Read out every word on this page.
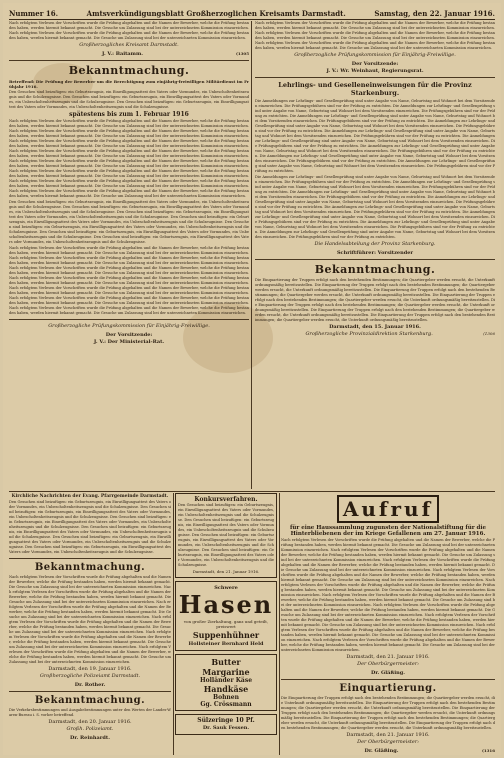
Nummer 16.	Amtsverkündigungsblatt Großherzoglichen Kreisamts Darmstadt.	Samstag, den 22. Januar 1916.

Nach erfolgtem Verlesen der Vorschriften wurde die Prüfung abgehalten und die Namen der Bewerber, welche die Prüfung bestanden haben, werden hiermit bekannt gemacht. Die Gesuche um Zulassung sind bei der unterzeichneten Kommission einzureichen. Nach erfolgtem Verlesen der Vorschriften wurde die Prüfung abgehalten und die Namen der Bewerber, welche die Prüfung bestanden haben, werden hiermit bekannt gemacht. Die Gesuche um Zulassung sind bei der unterzeichneten Kommission einzureichen.

Großherzogliches Kreisamt Darmstadt.
J. V.: Baitamm.	(1305
Bekanntmachung.

Betreffend: Die Prüfung der Bewerber um die Berechtigung zum einjährig-freiwilligen Militärdienst im Frühjahr 1916.

Den Gesuchen sind beizufügen: ein Geburtszeugnis, ein Einwilligungsattest des Vaters oder Vormundes, ein Unbescholtenheitszeugnis und die Schulzeugnisse. Den Gesuchen sind beizufügen: ein Geburtszeugnis, ein Einwilligungsattest des Vaters oder Vormundes, ein Unbescholtenheitszeugnis und die Schulzeugnisse. Den Gesuchen sind beizufügen: ein Geburtszeugnis, ein Einwilligungsattest des Vaters oder Vormundes, ein Unbescholtenheitszeugnis und die Schulzeugnisse.

spätestens bis zum 1. Februar 1916

Nach erfolgtem Verlesen der Vorschriften wurde die Prüfung abgehalten und die Namen der Bewerber, welche die Prüfung bestanden haben, werden hiermit bekannt gemacht. Die Gesuche um Zulassung sind bei der unterzeichneten Kommission einzureichen. Nach erfolgtem Verlesen der Vorschriften wurde die Prüfung abgehalten und die Namen der Bewerber, welche die Prüfung bestanden haben, werden hiermit bekannt gemacht. Die Gesuche um Zulassung sind bei der unterzeichneten Kommission einzureichen. Nach erfolgtem Verlesen der Vorschriften wurde die Prüfung abgehalten und die Namen der Bewerber, welche die Prüfung bestanden haben, werden hiermit bekannt gemacht. Die Gesuche um Zulassung sind bei der unterzeichneten Kommission einzureichen. Nach erfolgtem Verlesen der Vorschriften wurde die Prüfung abgehalten und die Namen der Bewerber, welche die Prüfung bestanden haben, werden hiermit bekannt gemacht. Die Gesuche um Zulassung sind bei der unterzeichneten Kommission einzureichen. Nach erfolgtem Verlesen der Vorschriften wurde die Prüfung abgehalten und die Namen der Bewerber, welche die Prüfung bestanden haben, werden hiermit bekannt gemacht. Die Gesuche um Zulassung sind bei der unterzeichneten Kommission einzureichen. Nach erfolgtem Verlesen der Vorschriften wurde die Prüfung abgehalten und die Namen der Bewerber, welche die Prüfung bestanden haben, werden hiermit bekannt gemacht. Die Gesuche um Zulassung sind bei der unterzeichneten Kommission einzureichen. Nach erfolgtem Verlesen der Vorschriften wurde die Prüfung abgehalten und die Namen der Bewerber, welche die Prüfung bestanden haben, werden hiermit bekannt gemacht. Die Gesuche um Zulassung sind bei der unterzeichneten Kommission einzureichen. Nach erfolgtem Verlesen der Vorschriften wurde die Prüfung abgehalten und die Namen der Bewerber, welche die Prüfung bestanden haben, werden hiermit bekannt gemacht. Die Gesuche um Zulassung sind bei der unterzeichneten Kommission einzureichen.

Den Gesuchen sind beizufügen: ein Geburtszeugnis, ein Einwilligungsattest des Vaters oder Vormundes, ein Unbescholtenheitszeugnis und die Schulzeugnisse. Den Gesuchen sind beizufügen: ein Geburtszeugnis, ein Einwilligungsattest des Vaters oder Vormundes, ein Unbescholtenheitszeugnis und die Schulzeugnisse. Den Gesuchen sind beizufügen: ein Geburtszeugnis, ein Einwilligungsattest des Vaters oder Vormundes, ein Unbescholtenheitszeugnis und die Schulzeugnisse. Den Gesuchen sind beizufügen: ein Geburtszeugnis, ein Einwilligungsattest des Vaters oder Vormundes, ein Unbescholtenheitszeugnis und die Schulzeugnisse. Den Gesuchen sind beizufügen: ein Geburtszeugnis, ein Einwilligungsattest des Vaters oder Vormundes, ein Unbescholtenheitszeugnis und die Schulzeugnisse. Den Gesuchen sind beizufügen: ein Geburtszeugnis, ein Einwilligungsattest des Vaters oder Vormundes, ein Unbescholtenheitszeugnis und die Schulzeugnisse. Den Gesuchen sind beizufügen: ein Geburtszeugnis, ein Einwilligungsattest des Vaters oder Vormundes, ein Unbescholtenheitszeugnis und die Schulzeugnisse.

Nach erfolgtem Verlesen der Vorschriften wurde die Prüfung abgehalten und die Namen der Bewerber, welche die Prüfung bestanden haben, werden hiermit bekannt gemacht. Die Gesuche um Zulassung sind bei der unterzeichneten Kommission einzureichen. Nach erfolgtem Verlesen der Vorschriften wurde die Prüfung abgehalten und die Namen der Bewerber, welche die Prüfung bestanden haben, werden hiermit bekannt gemacht. Die Gesuche um Zulassung sind bei der unterzeichneten Kommission einzureichen. Nach erfolgtem Verlesen der Vorschriften wurde die Prüfung abgehalten und die Namen der Bewerber, welche die Prüfung bestanden haben, werden hiermit bekannt gemacht. Die Gesuche um Zulassung sind bei der unterzeichneten Kommission einzureichen. Nach erfolgtem Verlesen der Vorschriften wurde die Prüfung abgehalten und die Namen der Bewerber, welche die Prüfung bestanden haben, werden hiermit bekannt gemacht. Die Gesuche um Zulassung sind bei der unterzeichneten Kommission einzureichen. Nach erfolgtem Verlesen der Vorschriften wurde die Prüfung abgehalten und die Namen der Bewerber, welche die Prüfung bestanden haben, werden hiermit bekannt gemacht. Die Gesuche um Zulassung sind bei der unterzeichneten Kommission einzureichen. Nach erfolgtem Verlesen der Vorschriften wurde die Prüfung abgehalten und die Namen der Bewerber, welche die Prüfung bestanden haben, werden hiermit bekannt gemacht. Die Gesuche um Zulassung sind bei der unterzeichneten Kommission einzureichen. Nach erfolgtem Verlesen der Vorschriften wurde die Prüfung abgehalten und die Namen der Bewerber, welche die Prüfung bestanden haben, werden hiermit bekannt gemacht. Die Gesuche um Zulassung sind bei der unterzeichneten Kommission einzureichen.

Großherzogliche Prüfungskommission für Einjährig-Freiwillige.
Der Vorsitzende:
J. V.: Der Ministerial-Rat.

Nach erfolgtem Verlesen der Vorschriften wurde die Prüfung abgehalten und die Namen der Bewerber, welche die Prüfung bestanden haben, werden hiermit bekannt gemacht. Die Gesuche um Zulassung sind bei der unterzeichneten Kommission einzureichen. Nach erfolgtem Verlesen der Vorschriften wurde die Prüfung abgehalten und die Namen der Bewerber, welche die Prüfung bestanden haben, werden hiermit bekannt gemacht. Die Gesuche um Zulassung sind bei der unterzeichneten Kommission einzureichen. Nach erfolgtem Verlesen der Vorschriften wurde die Prüfung abgehalten und die Namen der Bewerber, welche die Prüfung bestanden haben, werden hiermit bekannt gemacht. Die Gesuche um Zulassung sind bei der unterzeichneten Kommission einzureichen.

Großherzogliche Prüfungskommission für Einjährig-Freiwillige.
Der Vorsitzende:
J. V.: Wr. Weinhaut, Regierungsrat.
Lehrlings- und Geselleneinweisungen für die Provinz Starkenburg.

Die Anmeldungen zur Lehrlings- und Gesellenprüfung sind unter Angabe von Name, Geburtstag und Wohnort bei dem Vorsitzenden einzureichen. Die Prüfungsgebühren sind vor der Prüfung zu entrichten. Die Anmeldungen zur Lehrlings- und Gesellenprüfung sind unter Angabe von Name, Geburtstag und Wohnort bei dem Vorsitzenden einzureichen. Die Prüfungsgebühren sind vor der Prüfung zu entrichten. Die Anmeldungen zur Lehrlings- und Gesellenprüfung sind unter Angabe von Name, Geburtstag und Wohnort bei dem Vorsitzenden einzureichen. Die Prüfungsgebühren sind vor der Prüfung zu entrichten. Die Anmeldungen zur Lehrlings- und Gesellenprüfung sind unter Angabe von Name, Geburtstag und Wohnort bei dem Vorsitzenden einzureichen. Die Prüfungsgebühren sind vor der Prüfung zu entrichten. Die Anmeldungen zur Lehrlings- und Gesellenprüfung sind unter Angabe von Name, Geburtstag und Wohnort bei dem Vorsitzenden einzureichen. Die Prüfungsgebühren sind vor der Prüfung zu entrichten. Die Anmeldungen zur Lehrlings- und Gesellenprüfung sind unter Angabe von Name, Geburtstag und Wohnort bei dem Vorsitzenden einzureichen. Die Prüfungsgebühren sind vor der Prüfung zu entrichten. Die Anmeldungen zur Lehrlings- und Gesellenprüfung sind unter Angabe von Name, Geburtstag und Wohnort bei dem Vorsitzenden einzureichen. Die Prüfungsgebühren sind vor der Prüfung zu entrichten. Die Anmeldungen zur Lehrlings- und Gesellenprüfung sind unter Angabe von Name, Geburtstag und Wohnort bei dem Vorsitzenden einzureichen. Die Prüfungsgebühren sind vor der Prüfung zu entrichten. Die Anmeldungen zur Lehrlings- und Gesellenprüfung sind unter Angabe von Name, Geburtstag und Wohnort bei dem Vorsitzenden einzureichen. Die Prüfungsgebühren sind vor der Prüfung zu entrichten.

Die Anmeldungen zur Lehrlings- und Gesellenprüfung sind unter Angabe von Name, Geburtstag und Wohnort bei dem Vorsitzenden einzureichen. Die Prüfungsgebühren sind vor der Prüfung zu entrichten. Die Anmeldungen zur Lehrlings- und Gesellenprüfung sind unter Angabe von Name, Geburtstag und Wohnort bei dem Vorsitzenden einzureichen. Die Prüfungsgebühren sind vor der Prüfung zu entrichten. Die Anmeldungen zur Lehrlings- und Gesellenprüfung sind unter Angabe von Name, Geburtstag und Wohnort bei dem Vorsitzenden einzureichen. Die Prüfungsgebühren sind vor der Prüfung zu entrichten. Die Anmeldungen zur Lehrlings- und Gesellenprüfung sind unter Angabe von Name, Geburtstag und Wohnort bei dem Vorsitzenden einzureichen. Die Prüfungsgebühren sind vor der Prüfung zu entrichten. Die Anmeldungen zur Lehrlings- und Gesellenprüfung sind unter Angabe von Name, Geburtstag und Wohnort bei dem Vorsitzenden einzureichen. Die Prüfungsgebühren sind vor der Prüfung zu entrichten. Die Anmeldungen zur Lehrlings- und Gesellenprüfung sind unter Angabe von Name, Geburtstag und Wohnort bei dem Vorsitzenden einzureichen. Die Prüfungsgebühren sind vor der Prüfung zu entrichten. Die Anmeldungen zur Lehrlings- und Gesellenprüfung sind unter Angabe von Name, Geburtstag und Wohnort bei dem Vorsitzenden einzureichen. Die Prüfungsgebühren sind vor der Prüfung zu entrichten. Die Anmeldungen zur Lehrlings- und Gesellenprüfung sind unter Angabe von Name, Geburtstag und Wohnort bei dem Vorsitzenden einzureichen. Die Prüfungsgebühren sind vor der Prüfung zu entrichten.

Die Handelsabteilung der Provinz Starkenburg.
Schriftführer: Vorsitzender
Bekanntmachung.

Die Einquartierung der Truppen erfolgt nach den bestehenden Bestimmungen; die Quartiergeber werden ersucht, die Unterkunft ordnungsmäßig bereitzustellen. Die Einquartierung der Truppen erfolgt nach den bestehenden Bestimmungen; die Quartiergeber werden ersucht, die Unterkunft ordnungsmäßig bereitzustellen. Die Einquartierung der Truppen erfolgt nach den bestehenden Bestimmungen; die Quartiergeber werden ersucht, die Unterkunft ordnungsmäßig bereitzustellen. Die Einquartierung der Truppen erfolgt nach den bestehenden Bestimmungen; die Quartiergeber werden ersucht, die Unterkunft ordnungsmäßig bereitzustellen. Die Einquartierung der Truppen erfolgt nach den bestehenden Bestimmungen; die Quartiergeber werden ersucht, die Unterkunft ordnungsmäßig bereitzustellen. Die Einquartierung der Truppen erfolgt nach den bestehenden Bestimmungen; die Quartiergeber werden ersucht, die Unterkunft ordnungsmäßig bereitzustellen. Die Einquartierung der Truppen erfolgt nach den bestehenden Bestimmungen; die Quartiergeber werden ersucht, die Unterkunft ordnungsmäßig bereitzustellen.

Darmstadt, den 15. Januar 1916.
Großherzogliche Provinzialdirektion Starkenburg.	(1306
Kirchliche Nachrichten der Evang. Pfarrgemeinde Darmstadt.

Den Gesuchen sind beizufügen: ein Geburtszeugnis, ein Einwilligungsattest des Vaters oder Vormundes, ein Unbescholtenheitszeugnis und die Schulzeugnisse. Den Gesuchen sind beizufügen: ein Geburtszeugnis, ein Einwilligungsattest des Vaters oder Vormundes, ein Unbescholtenheitszeugnis und die Schulzeugnisse. Den Gesuchen sind beizufügen: ein Geburtszeugnis, ein Einwilligungsattest des Vaters oder Vormundes, ein Unbescholtenheitszeugnis und die Schulzeugnisse. Den Gesuchen sind beizufügen: ein Geburtszeugnis, ein Einwilligungsattest des Vaters oder Vormundes, ein Unbescholtenheitszeugnis und die Schulzeugnisse. Den Gesuchen sind beizufügen: ein Geburtszeugnis, ein Einwilligungsattest des Vaters oder Vormundes, ein Unbescholtenheitszeugnis und die Schulzeugnisse. Den Gesuchen sind beizufügen: ein Geburtszeugnis, ein Einwilligungsattest des Vaters oder Vormundes, ein Unbescholtenheitszeugnis und die Schulzeugnisse.

Bekanntmachung.

Nach erfolgtem Verlesen der Vorschriften wurde die Prüfung abgehalten und die Namen der Bewerber, welche die Prüfung bestanden haben, werden hiermit bekannt gemacht. Die Gesuche um Zulassung sind bei der unterzeichneten Kommission einzureichen. Nach erfolgtem Verlesen der Vorschriften wurde die Prüfung abgehalten und die Namen der Bewerber, welche die Prüfung bestanden haben, werden hiermit bekannt gemacht. Die Gesuche um Zulassung sind bei der unterzeichneten Kommission einzureichen. Nach erfolgtem Verlesen der Vorschriften wurde die Prüfung abgehalten und die Namen der Bewerber, welche die Prüfung bestanden haben, werden hiermit bekannt gemacht. Die Gesuche um Zulassung sind bei der unterzeichneten Kommission einzureichen. Nach erfolgtem Verlesen der Vorschriften wurde die Prüfung abgehalten und die Namen der Bewerber, welche die Prüfung bestanden haben, werden hiermit bekannt gemacht. Die Gesuche um Zulassung sind bei der unterzeichneten Kommission einzureichen. Nach erfolgtem Verlesen der Vorschriften wurde die Prüfung abgehalten und die Namen der Bewerber, welche die Prüfung bestanden haben, werden hiermit bekannt gemacht. Die Gesuche um Zulassung sind bei der unterzeichneten Kommission einzureichen. Nach erfolgtem Verlesen der Vorschriften wurde die Prüfung abgehalten und die Namen der Bewerber, welche die Prüfung bestanden haben, werden hiermit bekannt gemacht. Die Gesuche um Zulassung sind bei der unterzeichneten Kommission einzureichen.

Darmstadt, den 19. Januar 1916.
Großherzogliche Polizeiamt Darmstadt.
Dr. Rother.
Bekanntmachung.

Die Verkehrsbestimmungen und Ausgabebestimmungen unter den Werten der Landes-Waren-Bureau i. S. vorher betreffend.

Darmstadt, den 20. Januar 1916.
Großh. Polizeiamt.
Dr. Reinhardt.
Konkursverfahren.

Den Gesuchen sind beizufügen: ein Geburtszeugnis, ein Einwilligungsattest des Vaters oder Vormundes, ein Unbescholtenheitszeugnis und die Schulzeugnisse. Den Gesuchen sind beizufügen: ein Geburtszeugnis, ein Einwilligungsattest des Vaters oder Vormundes, ein Unbescholtenheitszeugnis und die Schulzeugnisse. Den Gesuchen sind beizufügen: ein Geburtszeugnis, ein Einwilligungsattest des Vaters oder Vormundes, ein Unbescholtenheitszeugnis und die Schulzeugnisse. Den Gesuchen sind beizufügen: ein Geburtszeugnis, ein Einwilligungsattest des Vaters oder Vormundes, ein Unbescholtenheitszeugnis und die Schulzeugnisse.

Darmstadt, den 21. Januar 1916.
Schwere
Hasen
von großer Zierhaltung, ganz und geteilt, preiswert
Suppenhühner
Hollsteiner Bernhard Held
Butter
Margarine
Holländer Käse
Handkäse
Bohnen
Gg. Crössmann
Sülzeringe 10 Pf.
Dr. Sauk Fessen.
Aufruf
für eine Haussammlung zugunsten der Nationalstiftung für die Hinterbliebenen der im Kriege Gefallenen am 27. Januar 1916.

Nach erfolgtem Verlesen der Vorschriften wurde die Prüfung abgehalten und die Namen der Bewerber, welche die Prüfung bestanden haben, werden hiermit bekannt gemacht. Die Gesuche um Zulassung sind bei der unterzeichneten Kommission einzureichen. Nach erfolgtem Verlesen der Vorschriften wurde die Prüfung abgehalten und die Namen der Bewerber, welche die Prüfung bestanden haben, werden hiermit bekannt gemacht. Die Gesuche um Zulassung sind bei der unterzeichneten Kommission einzureichen. Nach erfolgtem Verlesen der Vorschriften wurde die Prüfung abgehalten und die Namen der Bewerber, welche die Prüfung bestanden haben, werden hiermit bekannt gemacht. Die Gesuche um Zulassung sind bei der unterzeichneten Kommission einzureichen. Nach erfolgtem Verlesen der Vorschriften wurde die Prüfung abgehalten und die Namen der Bewerber, welche die Prüfung bestanden haben, werden hiermit bekannt gemacht. Die Gesuche um Zulassung sind bei der unterzeichneten Kommission einzureichen. Nach erfolgtem Verlesen der Vorschriften wurde die Prüfung abgehalten und die Namen der Bewerber, welche die Prüfung bestanden haben, werden hiermit bekannt gemacht. Die Gesuche um Zulassung sind bei der unterzeichneten Kommission einzureichen. Nach erfolgtem Verlesen der Vorschriften wurde die Prüfung abgehalten und die Namen der Bewerber, welche die Prüfung bestanden haben, werden hiermit bekannt gemacht. Die Gesuche um Zulassung sind bei der unterzeichneten Kommission einzureichen. Nach erfolgtem Verlesen der Vorschriften wurde die Prüfung abgehalten und die Namen der Bewerber, welche die Prüfung bestanden haben, werden hiermit bekannt gemacht. Die Gesuche um Zulassung sind bei der unterzeichneten Kommission einzureichen. Nach erfolgtem Verlesen der Vorschriften wurde die Prüfung abgehalten und die Namen der Bewerber, welche die Prüfung bestanden haben, werden hiermit bekannt gemacht. Die Gesuche um Zulassung sind bei der unterzeichneten Kommission einzureichen. Nach erfolgtem Verlesen der Vorschriften wurde die Prüfung abgehalten und die Namen der Bewerber, welche die Prüfung bestanden haben, werden hiermit bekannt gemacht. Die Gesuche um Zulassung sind bei der unterzeichneten Kommission einzureichen. Nach erfolgtem Verlesen der Vorschriften wurde die Prüfung abgehalten und die Namen der Bewerber, welche die Prüfung bestanden haben, werden hiermit bekannt gemacht. Die Gesuche um Zulassung sind bei der unterzeichneten Kommission einzureichen.

Darmstadt, den 21. Januar 1916.
Der Oberbürgermeister:
Dr. Gläßing.
Einquartierung.

Die Einquartierung der Truppen erfolgt nach den bestehenden Bestimmungen; die Quartiergeber werden ersucht, die Unterkunft ordnungsmäßig bereitzustellen. Die Einquartierung der Truppen erfolgt nach den bestehenden Bestimmungen; die Quartiergeber werden ersucht, die Unterkunft ordnungsmäßig bereitzustellen. Die Einquartierung der Truppen erfolgt nach den bestehenden Bestimmungen; die Quartiergeber werden ersucht, die Unterkunft ordnungsmäßig bereitzustellen. Die Einquartierung der Truppen erfolgt nach den bestehenden Bestimmungen; die Quartiergeber werden ersucht, die Unterkunft ordnungsmäßig bereitzustellen. Die Einquartierung der Truppen erfolgt nach den bestehenden Bestimmungen; die Quartiergeber werden ersucht, die Unterkunft ordnungsmäßig bereitzustellen.

Darmstadt, den 21. Januar 1916.
Der Oberbürgermeister:
Dr. Gläßing.	(1316
